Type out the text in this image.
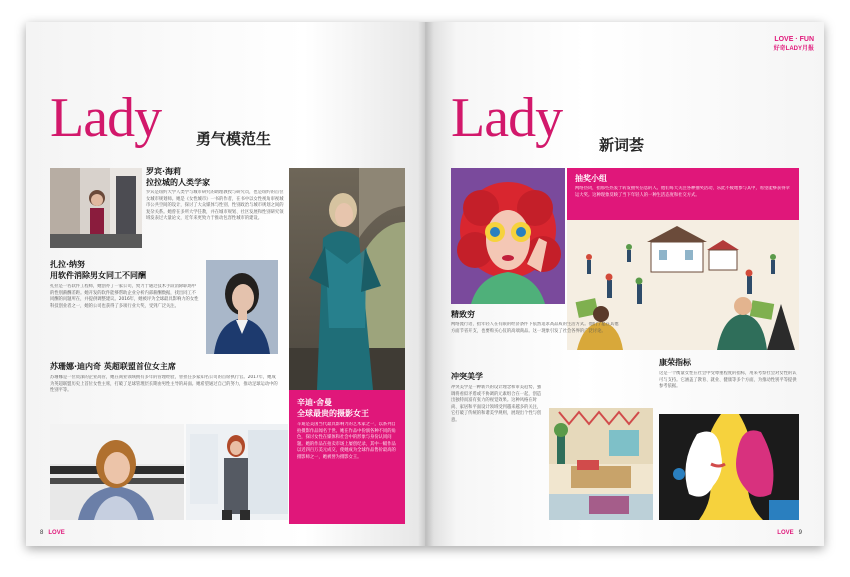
Lady 勇气模范生
罗宾·海莉
拉拉城的人类学家
罗宾是纽约大学人类学与城市研究的助理教授与研究员，也是纽约的首位女城市规划师。她是《女性城市》一书的作者，在书中以女性视角审视城市公共空间的设计，探讨了大众媒体与性别、性别政治与城市规划之间的复杂关系。她曾在多所大学任教，并在城市规划、社区发展和性别研究领域发表过大量论文，近年来更致力于推动包容性城市的建设。
扎拉·纳努
用软件消除男女同工不同酬
扎拉是一名软件工程师，她创办了一家公司，致力于通过技术手段消除职场中的性别薪酬差距。她开发的软件能够帮助企业分析内部薪酬数据，找出同工不同酬的问题所在，并提供调整建议。2016年，她被评为全球最具影响力的女性科技创业者之一，她的公司也获得了多项行业大奖，受到广泛关注。
苏珊娜·迪内奇 英超联盟首位女主席
苏珊娜是一位资深的企业高管，她在商业领域拥有多年的管理经验，曾担任多家知名公司的首席执行官。2017年，她成为英超联盟历史上首位女性主席，打破了足球管理层长期由男性主导的局面。她希望通过自己的努力，推动足球运动中的性别平等。
辛迪·舍曼
全球最贵的摄影女王
辛迪是美国当代最具影响力的艺术家之一，以系列自拍摄影作品闻名于世。她在作品中扮演各种不同的角色，探讨女性在媒体和社会中的形象与身份认同问题。她的作品在拍卖市场上屡创纪录，其中一幅作品以近四百万美元成交，使她成为全球作品售价最高的摄影师之一，她被誉为摄影女王。
8 LOVE
LOVE · FUN
好奇LADY月报
Lady 新词荟
抽奖小组
网络热词，指那些热衷于转发抽奖信息的人。他们每天关注各种抽奖活动，乐此不疲地参与其中，希望能够获得幸运大奖。这种现象反映了当下年轻人的一种生活态度和社交方式。
精致穷
网络流行语，指年轻人在有限的经济条件下依然追求高品质的生活方式。他们宁愿在其他方面节省开支，也要购买心仪的高端商品。这一现象引发了社会各界的广泛讨论。
冲突美学
冲突美学是一种新兴的设计理念和审美趋势，强调将看似矛盾或不协调的元素组合在一起，创造出独特而富有张力的视觉效果。这种风格在时尚、家居和平面设计领域受到越来越多的关注，它打破了传统的和谐美学规则，展现出个性与创意。
康荣指标
这是一个衡量女性在社会中受尊重程度的指标，用来考察社会对女性的认可与支持。它涵盖了教育、就业、健康等多个方面，为推动性别平等提供参考依据。
LOVE 9
